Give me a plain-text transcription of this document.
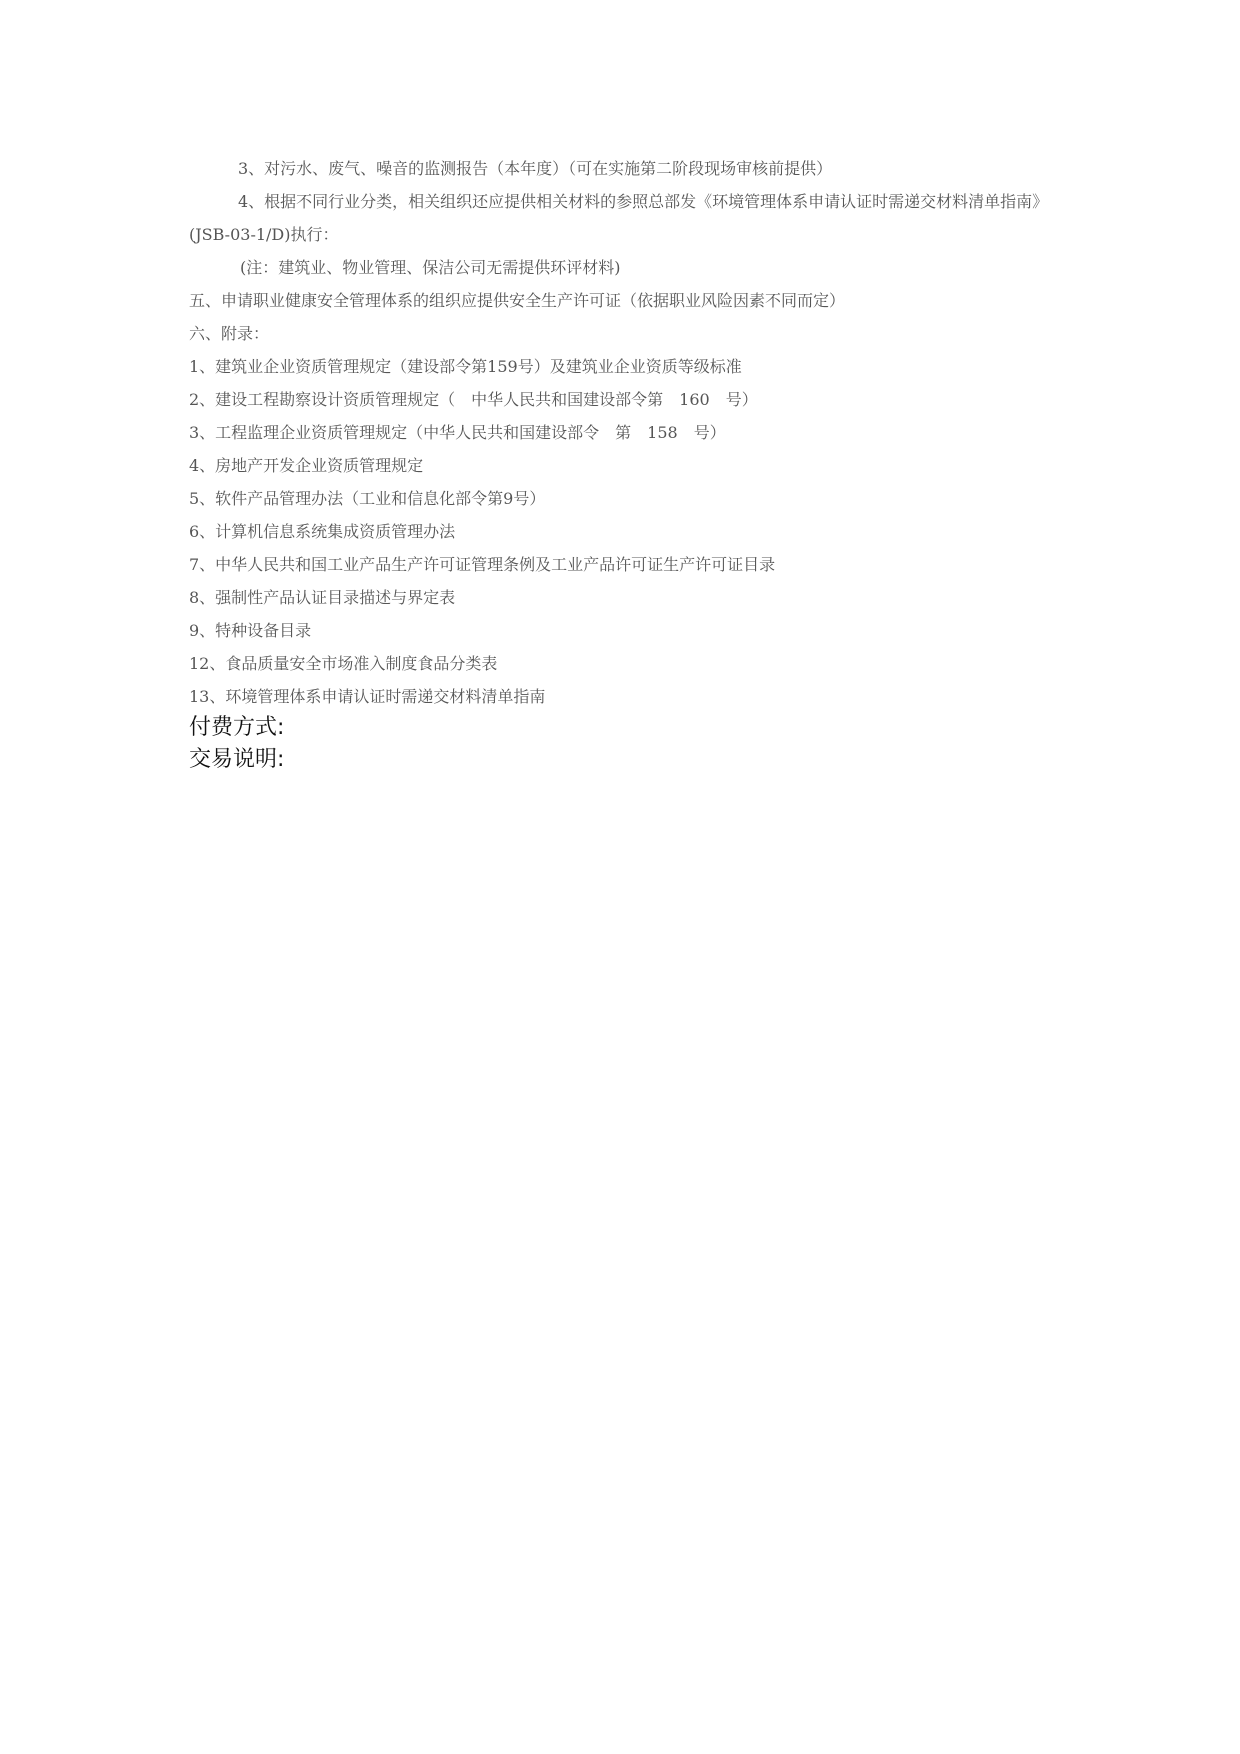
3、对污水、废气、噪音的监测报告（本年度）（可在实施第二阶段现场审核前提供）
4、根据不同行业分类，相关组织还应提供相关材料的参照总部发《环境管理体系申请认证时需递交材料清单指南》
(JSB-03-1/D)执行：
(注：建筑业、物业管理、保洁公司无需提供环评材料)
五、申请职业健康安全管理体系的组织应提供安全生产许可证（依据职业风险因素不同而定）
六、附录：
1、建筑业企业资质管理规定（建设部令第159号）及建筑业企业资质等级标准
2、建设工程勘察设计资质管理规定（　中华人民共和国建设部令第　160　号）
3、工程监理企业资质管理规定（中华人民共和国建设部令　第　158　号）
4、房地产开发企业资质管理规定
5、软件产品管理办法（工业和信息化部令第9号）
6、计算机信息系统集成资质管理办法
7、中华人民共和国工业产品生产许可证管理条例及工业产品许可证生产许可证目录
8、强制性产品认证目录描述与界定表
9、特种设备目录
12、食品质量安全市场准入制度食品分类表
13、环境管理体系申请认证时需递交材料清单指南
付费方式:
交易说明:
